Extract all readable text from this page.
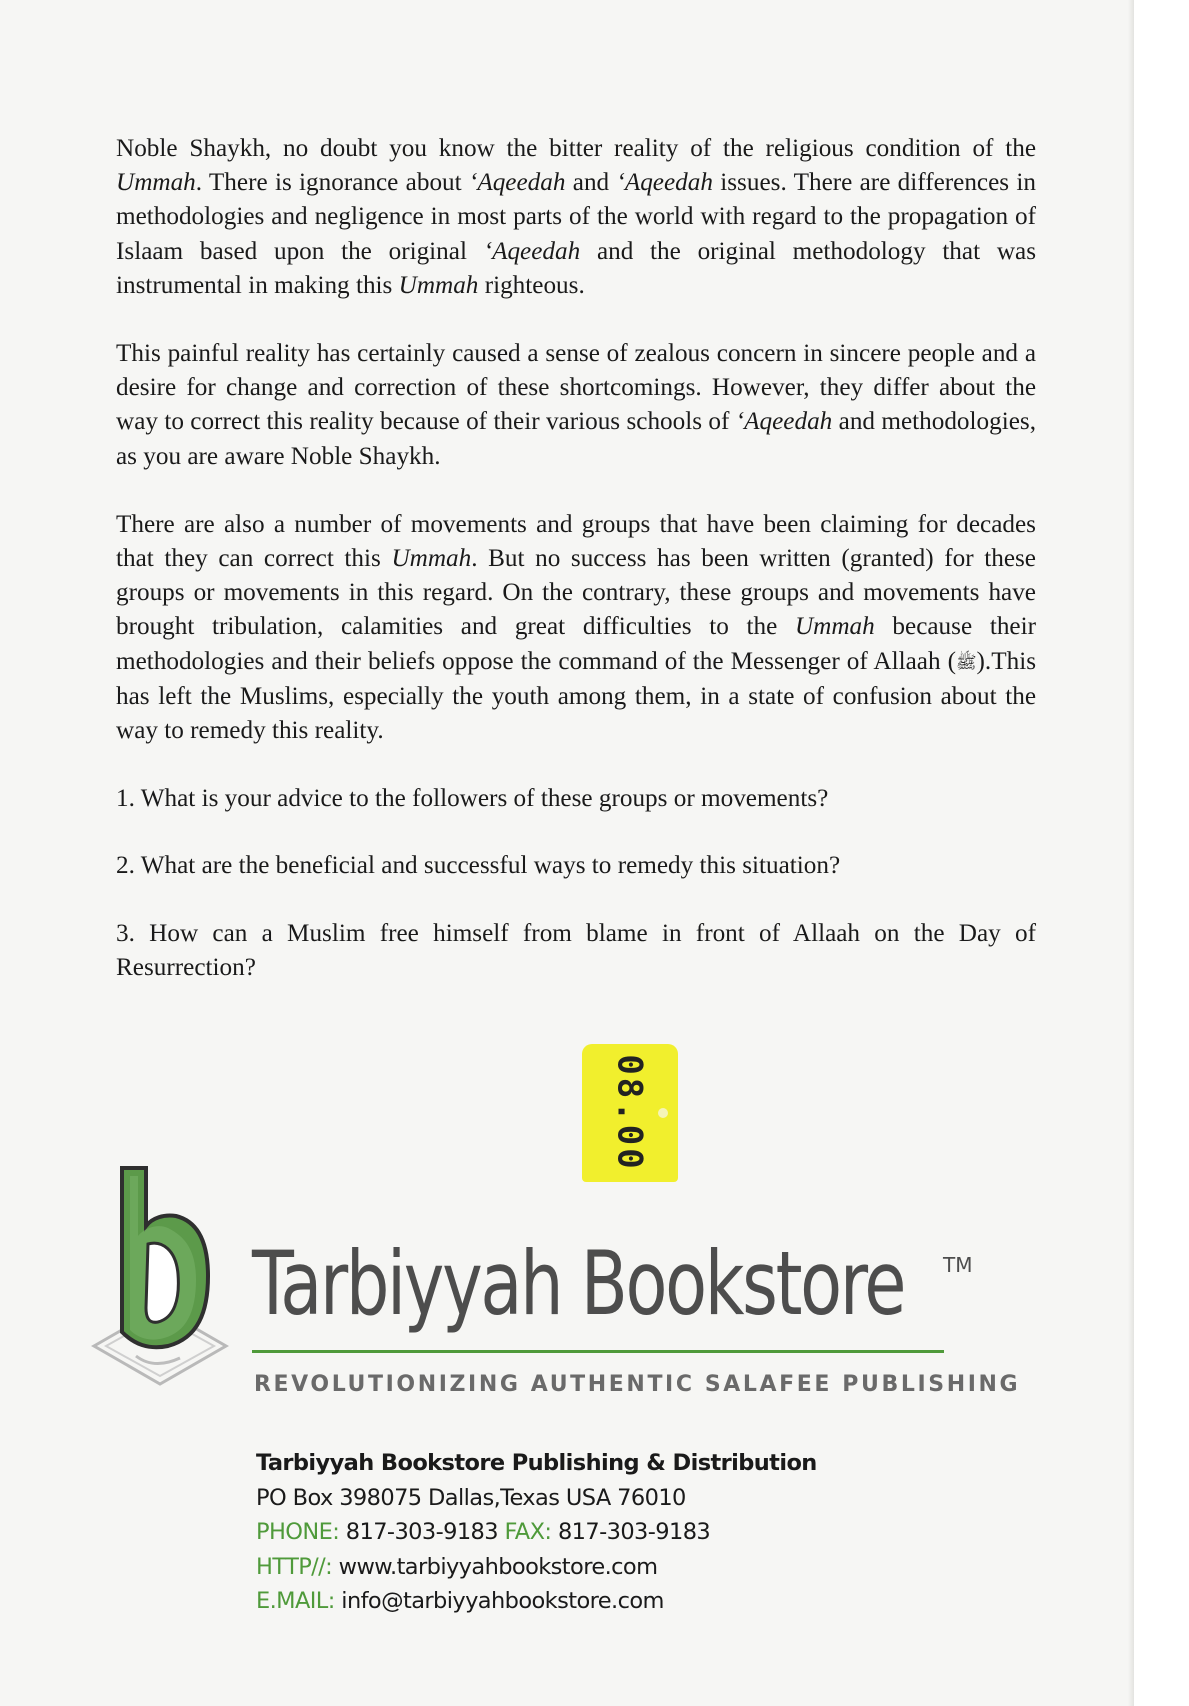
Noble Shaykh, no doubt you know the bitter reality of the religious condition of the Ummah. There is ignorance about ‘Aqeedah and ‘Aqeedah issues. There are differences in methodologies and negligence in most parts of the world with regard to the propagation of Islaam based upon the original ‘Aqeedah and the original methodology that was instrumental in making this Ummah righteous.

This painful reality has certainly caused a sense of zealous concern in sincere people and a desire for change and correction of these shortcomings. However, they differ about the way to correct this reality because of their various schools of ‘Aqeedah and methodologies, as you are aware Noble Shaykh.

There are also a number of movements and groups that have been claiming for decades that they can correct this Ummah. But no success has been written (granted) for these groups or movements in this regard. On the contrary, these groups and movements have brought tribulation, calamities and great difficulties to the Ummah because their methodologies and their beliefs oppose the command of the Messenger of Allaah (ﷺ).This has left the Muslims, especially the youth among them, in a state of confusion about the way to remedy this reality.

1. What is your advice to the followers of these groups or movements?

2. What are the beneficial and successful ways to remedy this situation?

3. How can a Muslim free himself from blame in front of Allaah on the Day of Resurrection?

08.00
Tarbiyyah Bookstore TM
REVOLUTIONIZING AUTHENTIC SALAFEE PUBLISHING
Tarbiyyah Bookstore Publishing & Distribution
PO Box 398075 Dallas,Texas USA 76010
PHONE: 817-303-9183 FAX: 817-303-9183
HTTP//: www.tarbiyyahbookstore.com
E.MAIL: info@tarbiyyahbookstore.com
